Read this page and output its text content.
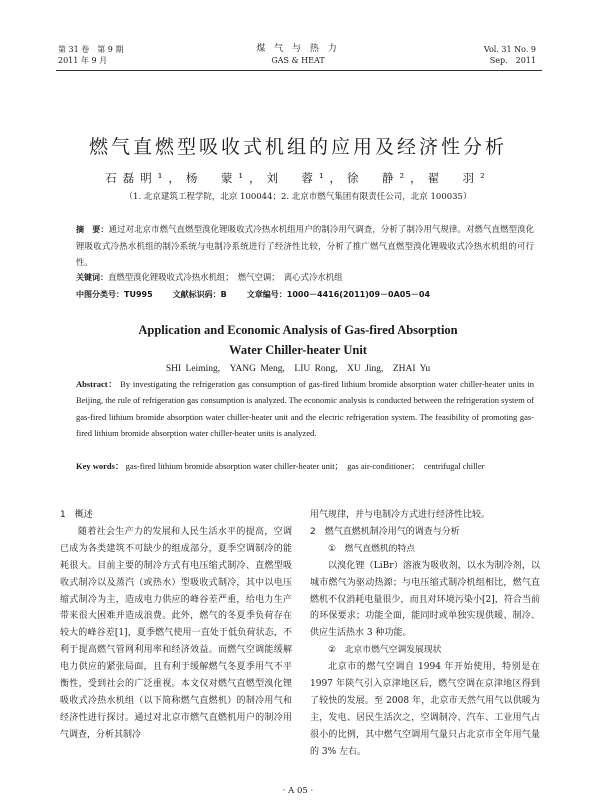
第 31 卷　第 9 期
2011 年 9 月
煤 气 与 热 力
GAS & HEAT
Vol. 31 No. 9
Sep.　2011
燃气直燃型吸收式机组的应用及经济性分析
石磊明¹，杨　蒙¹，刘　蓉¹，徐　静²，翟　羽²
（1. 北京建筑工程学院，北京 100044；2. 北京市燃气集团有限责任公司，北京 100035）
摘　要：通过对北京市燃气直燃型溴化锂吸收式冷热水机组用户的制冷用气调查，分析了制冷用气规律。对燃气直燃型溴化锂吸收式冷热水机组的制冷系统与电制冷系统进行了经济性比较，分析了推广燃气直燃型溴化锂吸收式冷热水机组的可行性。
关键词：直燃型溴化锂吸收式冷热水机组；　燃气空调；　离心式冷水机组
中图分类号：TU995	文献标识码：B	文章编号：1000－4416(2011)09－0A05－04
Application and Economic Analysis of Gas-fired Absorption
Water Chiller-heater Unit
SHI Leiming,　YANG Meng,　LIU Rong,　XU Jing,　ZHAI Yu
Abstract： By investigating the refrigeration gas consumption of gas-fired lithium bromide absorption water chiller-heater units in Beijing, the rule of refrigeration gas consumption is analyzed. The economic analysis is conducted between the refrigeration system of gas-fired lithium bromide absorption water chiller-heater unit and the electric refrigeration system. The feasibility of promoting gas-fired lithium bromide absorption water chiller-heater units is analyzed.
Key words： gas-fired lithium bromide absorption water chiller-heater unit；　gas air-conditioner；　centrifugal chiller
1　概述
随着社会生产力的发展和人民生活水平的提高，空调已成为各类建筑不可缺少的组成部分，夏季空调制冷的能耗很大。目前主要的制冷方式有电压缩式制冷、直燃型吸收式制冷以及蒸汽（或热水）型吸收式制冷，其中以电压缩式制冷为主，造成电力供应的峰谷差严重，给电力生产带来很大困难并造成浪费。此外，燃气的冬夏季负荷存在较大的峰谷差[1]，夏季燃气使用一直处于低负荷状态，不利于提高燃气管网利用率和经济效益。而燃气空调能缓解电力供应的紧张局面，且有利于缓解燃气冬夏季用气不平衡性，受到社会的广泛重视。本文仅对燃气直燃型溴化锂吸收式冷热水机组（以下简称燃气直燃机）的制冷用气和经济性进行探讨。通过对北京市燃气直燃机用户的制冷用气调查，分析其制冷
用气规律，并与电制冷方式进行经济性比较。
2　燃气直燃机制冷用气的调查与分析
①　燃气直燃机的特点
以溴化锂（LiBr）溶液为吸收剂，以水为制冷剂，以城市燃气为驱动热源；与电压缩式制冷机组相比，燃气直燃机不仅消耗电量很少，而且对环境污染小[2]，符合当前的环保要求；功能全面，能同时或单独实现供暖、制冷、供应生活热水 3 种功能。
②　北京市燃气空调发展现状
北京市的燃气空调自 1994 年开始使用，特别是在 1997 年陕气引入京津地区后，燃气空调在京津地区得到了较快的发展。至 2008 年，北京市天然气用气以供暖为主，发电、居民生活次之，空调制冷、汽车、工业用气占很小的比例，其中燃气空调用气量只占北京市全年用气量的 3% 左右。
· A 05 ·
